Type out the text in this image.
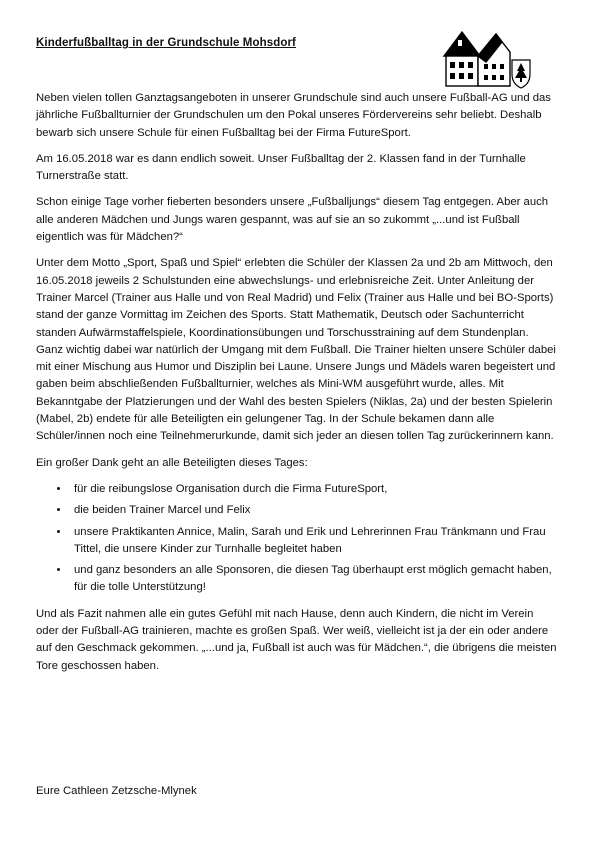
Kinderfußballtag in der Grundschule Mohsdorf

Neben vielen tollen Ganztagsangeboten in unserer Grundschule sind auch unsere Fußball-AG und das jährliche Fußballturnier der Grundschulen um den Pokal unseres Fördervereins sehr beliebt. Deshalb bewarb sich unsere Schule für einen Fußballtag bei der Firma FutureSport.

Am 16.05.2018 war es dann endlich soweit. Unser Fußballtag der 2. Klassen fand in der Turnhalle Turnerstraße statt.

Schon einige Tage vorher fieberten besonders unsere „Fußballjungs“ diesem Tag entgegen. Aber auch alle anderen Mädchen und Jungs waren gespannt, was auf sie an so zukommt „...und ist Fußball eigentlich was für Mädchen?“

Unter dem Motto „Sport, Spaß und Spiel“ erlebten die Schüler der Klassen 2a und 2b am Mittwoch, den 16.05.2018 jeweils 2 Schulstunden eine abwechslungs- und erlebnisreiche Zeit. Unter Anleitung der Trainer Marcel (Trainer aus Halle und von Real Madrid) und Felix (Trainer aus Halle und bei BO-Sports) stand der ganze Vormittag im Zeichen des Sports. Statt Mathematik, Deutsch oder Sachunterricht standen Aufwärmstaffelspiele, Koordinationsübungen und Torschusstraining auf dem Stundenplan. Ganz wichtig dabei war natürlich der Umgang mit dem Fußball. Die Trainer hielten unsere Schüler dabei mit einer Mischung aus Humor und Disziplin bei Laune. Unsere Jungs und Mädels waren begeistert und gaben beim abschließenden Fußballturnier, welches als Mini-WM ausgeführt wurde, alles. Mit Bekanntgabe der Platzierungen und der Wahl des besten Spielers (Niklas, 2a) und der besten Spielerin (Mabel, 2b) endete für alle Beteiligten ein gelungener Tag. In der Schule bekamen dann alle Schüler/innen noch eine Teilnehmerurkunde, damit sich jeder an diesen tollen Tag zurückerinnern kann.

Ein großer Dank geht an alle Beteiligten dieses Tages:

• für die reibungslose Organisation durch die Firma FutureSport,
• die beiden Trainer Marcel und Felix
• unsere Praktikanten Annice, Malin, Sarah und Erik und Lehrerinnen Frau Tränkmann und Frau Tittel, die unsere Kinder zur Turnhalle begleitet haben
• und ganz besonders an alle Sponsoren, die diesen Tag überhaupt erst möglich gemacht haben, für die tolle Unterstützung!

Und als Fazit nahmen alle ein gutes Gefühl mit nach Hause, denn auch Kindern, die nicht im Verein oder der Fußball-AG trainieren, machte es großen Spaß. Wer weiß, vielleicht ist ja der ein oder andere auf den Geschmack gekommen. „...und ja, Fußball ist auch was für Mädchen.“, die übrigens die meisten Tore geschossen haben.

Eure Cathleen Zetzsche-Mlynek
